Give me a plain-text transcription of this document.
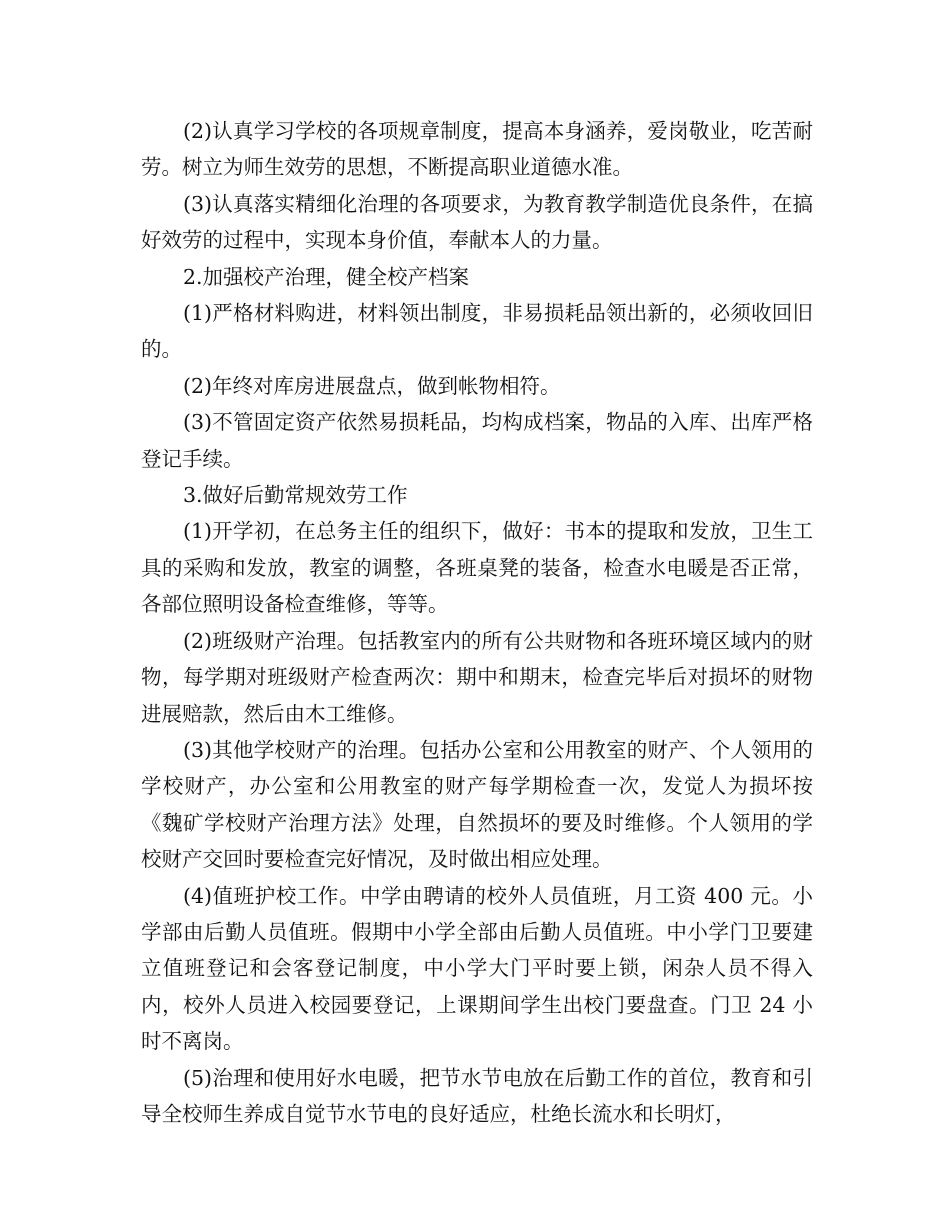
(2)认真学习学校的各项规章制度，提高本身涵养，爱岗敬业，吃苦耐劳。树立为师生效劳的思想，不断提高职业道德水准。

(3)认真落实精细化治理的各项要求，为教育教学制造优良条件，在搞好效劳的过程中，实现本身价值，奉献本人的力量。

2.加强校产治理，健全校产档案

(1)严格材料购进，材料领出制度，非易损耗品领出新的，必须收回旧的。

(2)年终对库房进展盘点，做到帐物相符。

(3)不管固定资产依然易损耗品，均构成档案，物品的入库、出库严格登记手续。

3.做好后勤常规效劳工作

(1)开学初，在总务主任的组织下，做好：书本的提取和发放，卫生工具的采购和发放，教室的调整，各班桌凳的装备，检查水电暖是否正常，各部位照明设备检查维修，等等。

(2)班级财产治理。包括教室内的所有公共财物和各班环境区域内的财物，每学期对班级财产检查两次：期中和期末，检查完毕后对损坏的财物进展赔款，然后由木工维修。

(3)其他学校财产的治理。包括办公室和公用教室的财产、个人领用的学校财产，办公室和公用教室的财产每学期检查一次，发觉人为损坏按《魏矿学校财产治理方法》处理，自然损坏的要及时维修。个人领用的学校财产交回时要检查完好情况，及时做出相应处理。

(4)值班护校工作。中学由聘请的校外人员值班，月工资 400 元。小学部由后勤人员值班。假期中小学全部由后勤人员值班。中小学门卫要建立值班登记和会客登记制度，中小学大门平时要上锁，闲杂人员不得入内，校外人员进入校园要登记，上课期间学生出校门要盘查。门卫 24 小时不离岗。

(5)治理和使用好水电暖，把节水节电放在后勤工作的首位，教育和引导全校师生养成自觉节水节电的良好适应，杜绝长流水和长明灯，
